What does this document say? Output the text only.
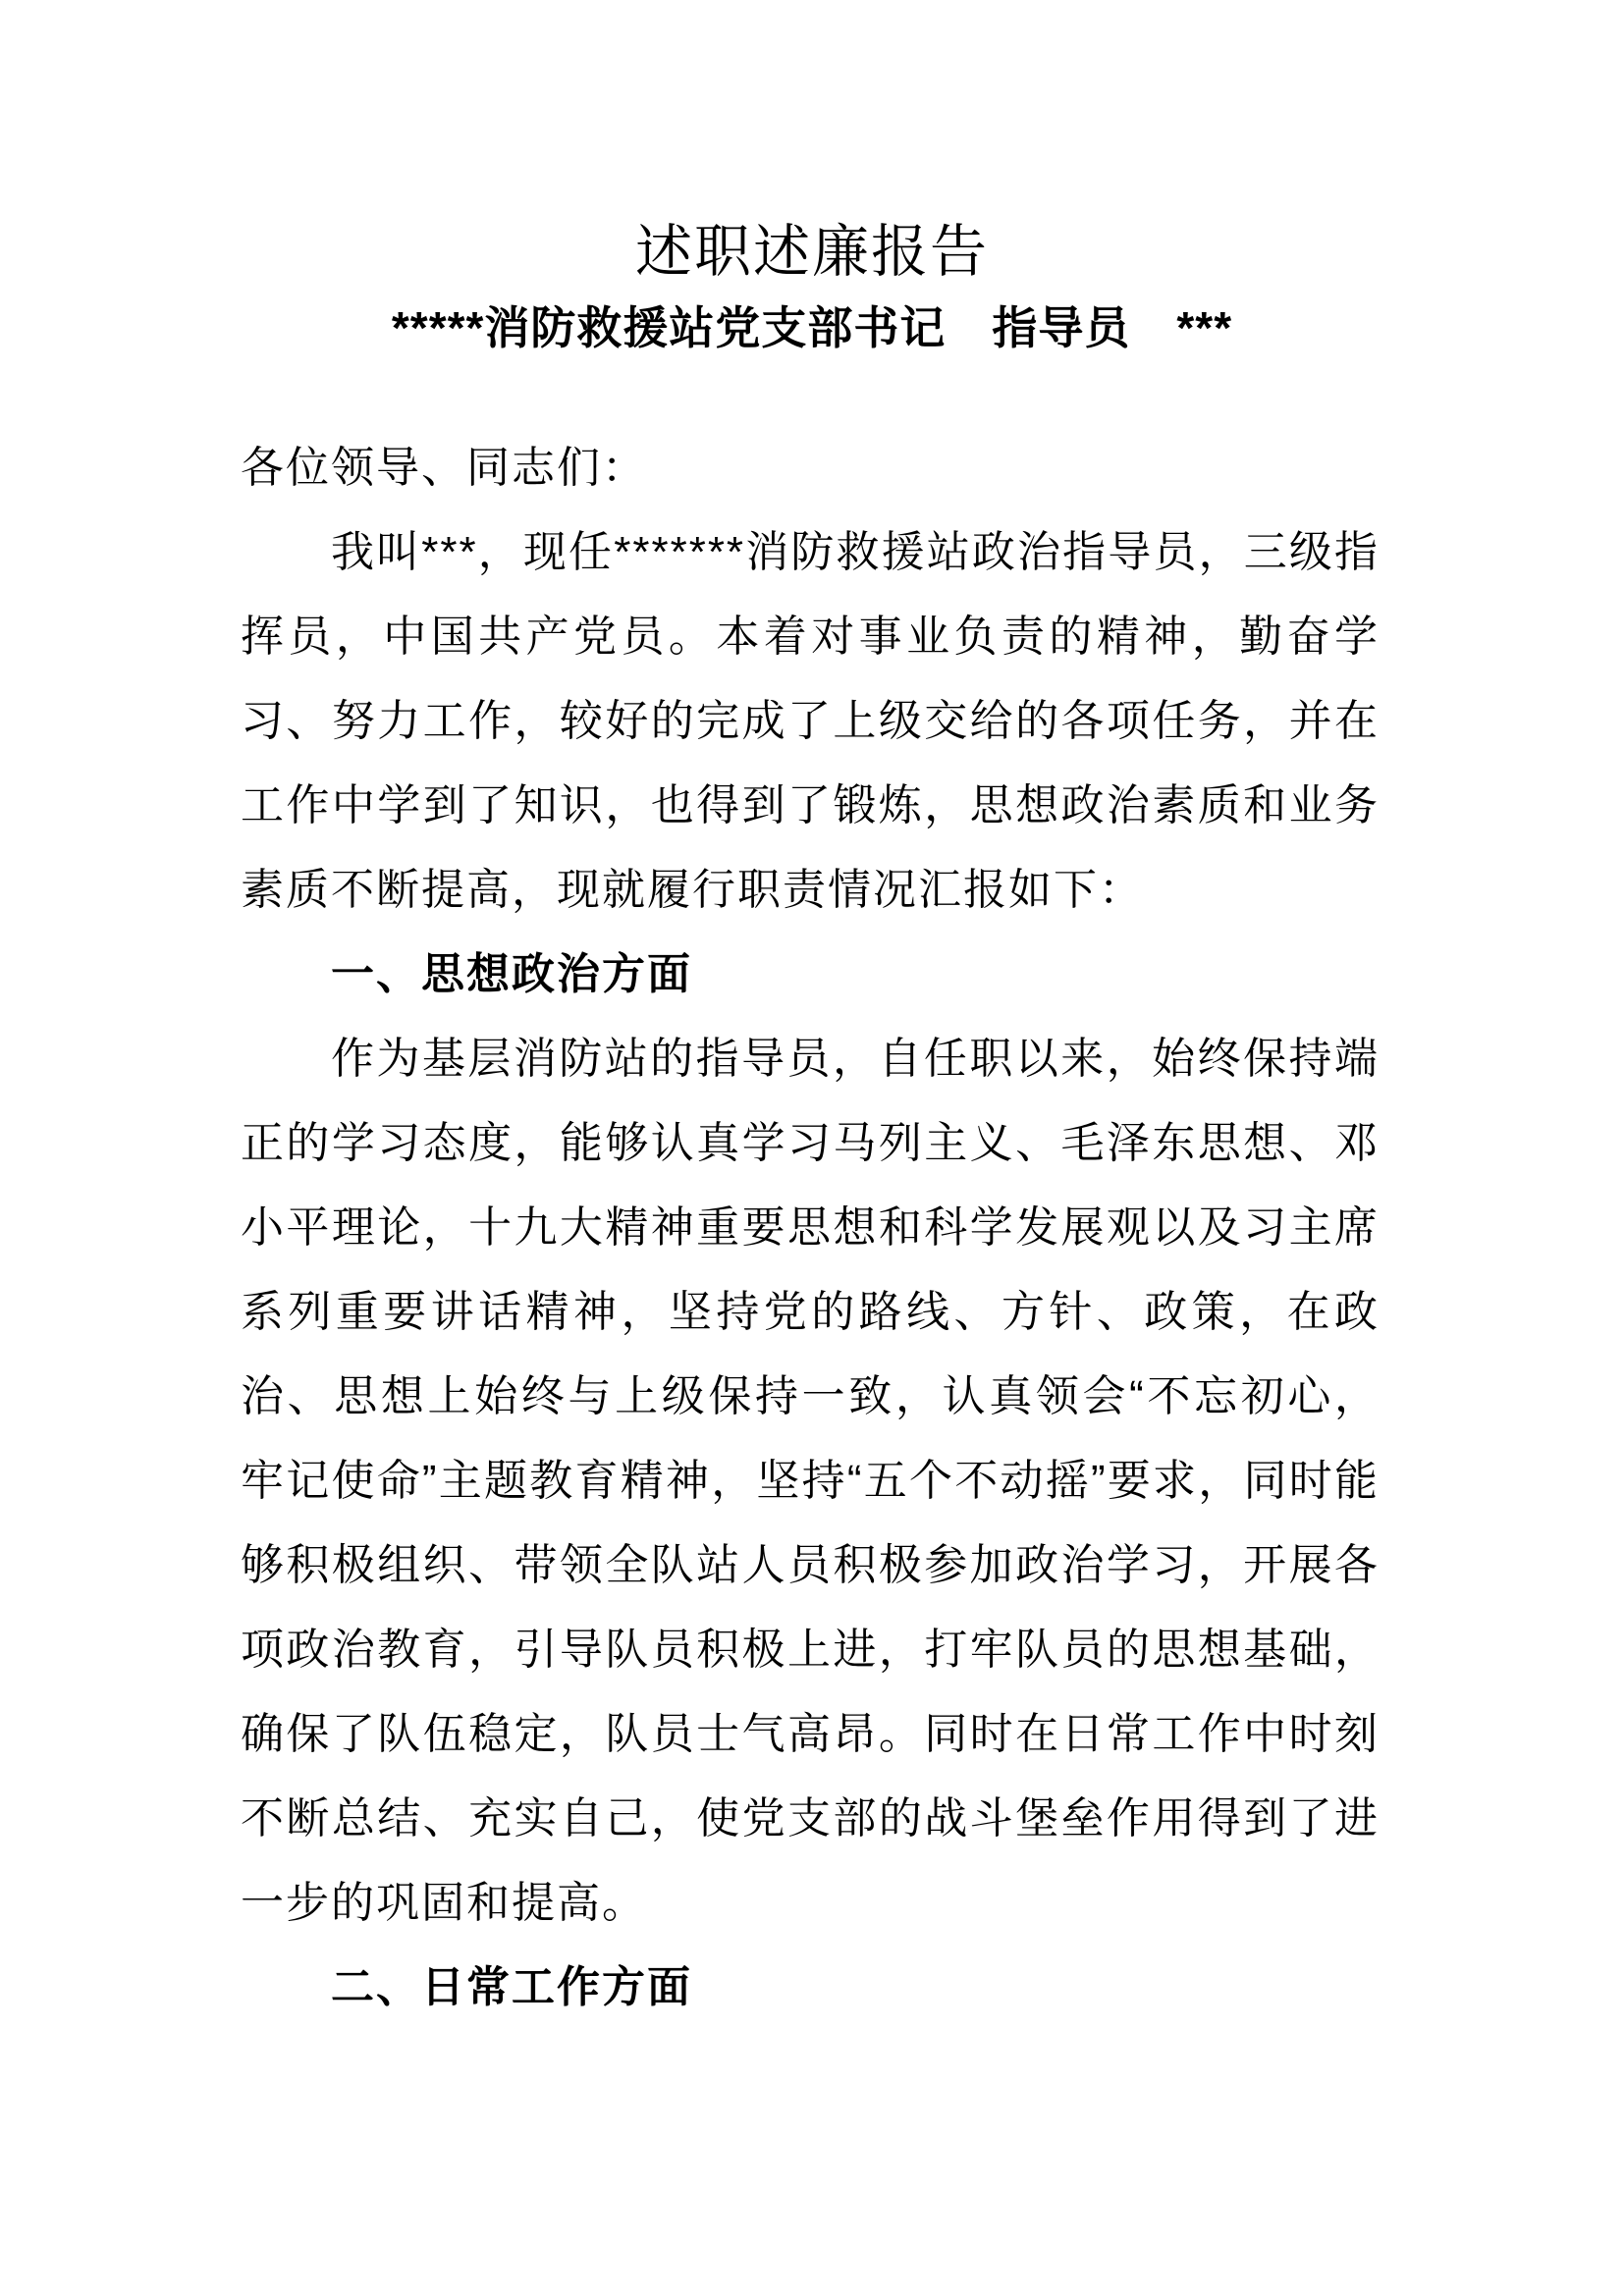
述职述廉报告
*****消防救援站党支部书记　指导员　***

各位领导、同志们：

我叫***，现任*******消防救援站政治指导员，三级指挥员，中国共产党员。本着对事业负责的精神，勤奋学习、努力工作，较好的完成了上级交给的各项任务，并在工作中学到了知识，也得到了锻炼，思想政治素质和业务素质不断提高，现就履行职责情况汇报如下：

一、思想政治方面

作为基层消防站的指导员，自任职以来，始终保持端正的学习态度，能够认真学习马列主义、毛泽东思想、邓小平理论，十九大精神重要思想和科学发展观以及习主席系列重要讲话精神，坚持党的路线、方针、政策，在政治、思想上始终与上级保持一致，认真领会“不忘初心，牢记使命”主题教育精神，坚持“五个不动摇”要求，同时能够积极组织、带领全队站人员积极参加政治学习，开展各项政治教育，引导队员积极上进，打牢队员的思想基础，确保了队伍稳定，队员士气高昂。同时在日常工作中时刻不断总结、充实自己，使党支部的战斗堡垒作用得到了进一步的巩固和提高。

二、日常工作方面
